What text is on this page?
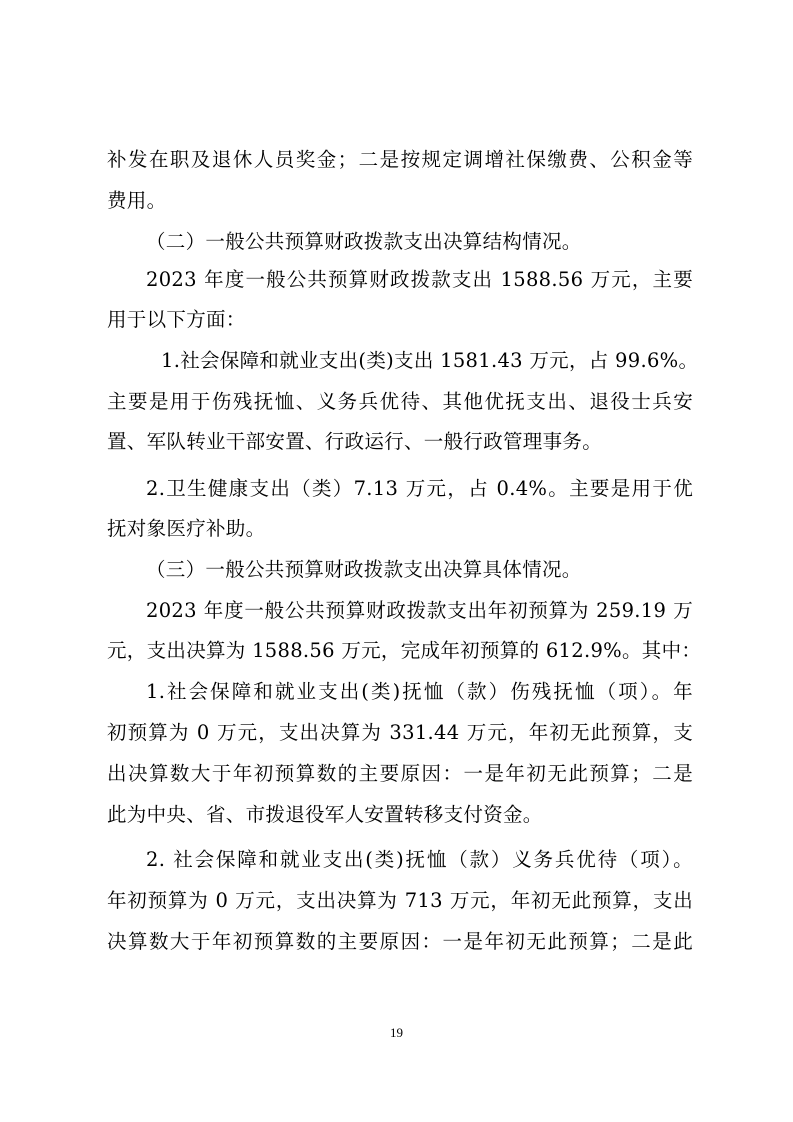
补发在职及退休人员奖金；二是按规定调增社保缴费、公积金等
费用。
（二）一般公共预算财政拨款支出决算结构情况。
2023 年度一般公共预算财政拨款支出 1588.56 万元，主要
用于以下方面：
1.社会保障和就业支出(类)支出 1581.43 万元，占 99.6%。
主要是用于伤残抚恤、义务兵优待、其他优抚支出、退役士兵安
置、军队转业干部安置、行政运行、一般行政管理事务。
2.卫生健康支出（类）7.13 万元，占 0.4%。主要是用于优
抚对象医疗补助。
（三）一般公共预算财政拨款支出决算具体情况。
2023 年度一般公共预算财政拨款支出年初预算为 259.19 万
元，支出决算为 1588.56 万元，完成年初预算的 612.9%。其中：
1.社会保障和就业支出(类)抚恤（款）伤残抚恤（项）。年
初预算为 0 万元，支出决算为 331.44 万元，年初无此预算，支
出决算数大于年初预算数的主要原因：一是年初无此预算；二是
此为中央、省、市拨退役军人安置转移支付资金。
2. 社会保障和就业支出(类)抚恤（款）义务兵优待（项）。
年初预算为 0 万元，支出决算为 713 万元，年初无此预算，支出
决算数大于年初预算数的主要原因：一是年初无此预算；二是此
19
